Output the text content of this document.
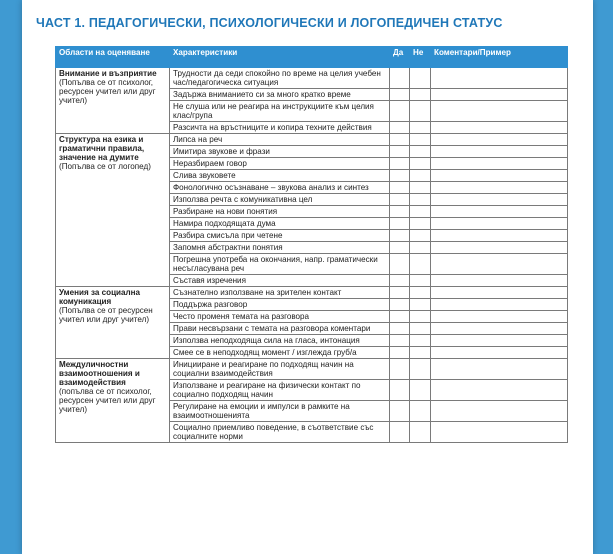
ЧАСТ 1. ПЕДАГОГИЧЕСКИ, ПСИХОЛОГИЧЕСКИ И ЛОГОПЕДИЧЕН СТАТУС
Области на оценяване	Характеристики	Да	Не	Коментари/Пример

Внимание и възприятие
(Попълва се от психолог, ресурсен учител или друг учител)	Трудности да седи спокойно по време на целия учебен час/педагогическа ситуация			
	Задържа вниманието си за много кратко време			
	Не слуша или не реагира на инструкциите към целия клас/група			
	Разсичта на връстниците и копира техните действия			

Структура на езика и граматични правила, значение на думите
(Попълва се от логопед)	Липса на реч			
	Имитира звукове и фрази			
	Неразбираем говор			
	Слива звуковете			
	Фонологично осъзнаване – звукова анализ и синтез			
	Използва речта с комуникативна цел			
	Разбиране на нови понятия			
	Намира подходящата дума			
	Разбира смисъла при четене			
	Запомня абстрактни понятия			
	Погрешна употреба на окончания, напр. граматически несъгласувана реч			
	Съставя изречения			

Умения за социална комуникация
(Попълва се от ресурсен учител или друг учител)	Съзнателно използване на зрителен контакт			
	Поддържа разговор			
	Често променя темата на разговора			
	Прави несвързани с темата на разговора коментари			
	Използва неподходяща сила на гласа, интонация			
	Смее се в неподходящ момент / изглежда груб/а			

Междуличностни взаимоотношения и взаимодействия
(попълва се от психолог, ресурсен учител или друг учител)	Иницииране и реагиране по подходящ начин на социални взаимодействия			
	Използване и реагиране на физически контакт по социално подходящ начин			
	Регулиране на емоции и импулси в рамките на взаимоотношенията			
	Социално приемливо поведение, в съответствие със социалните норми			
